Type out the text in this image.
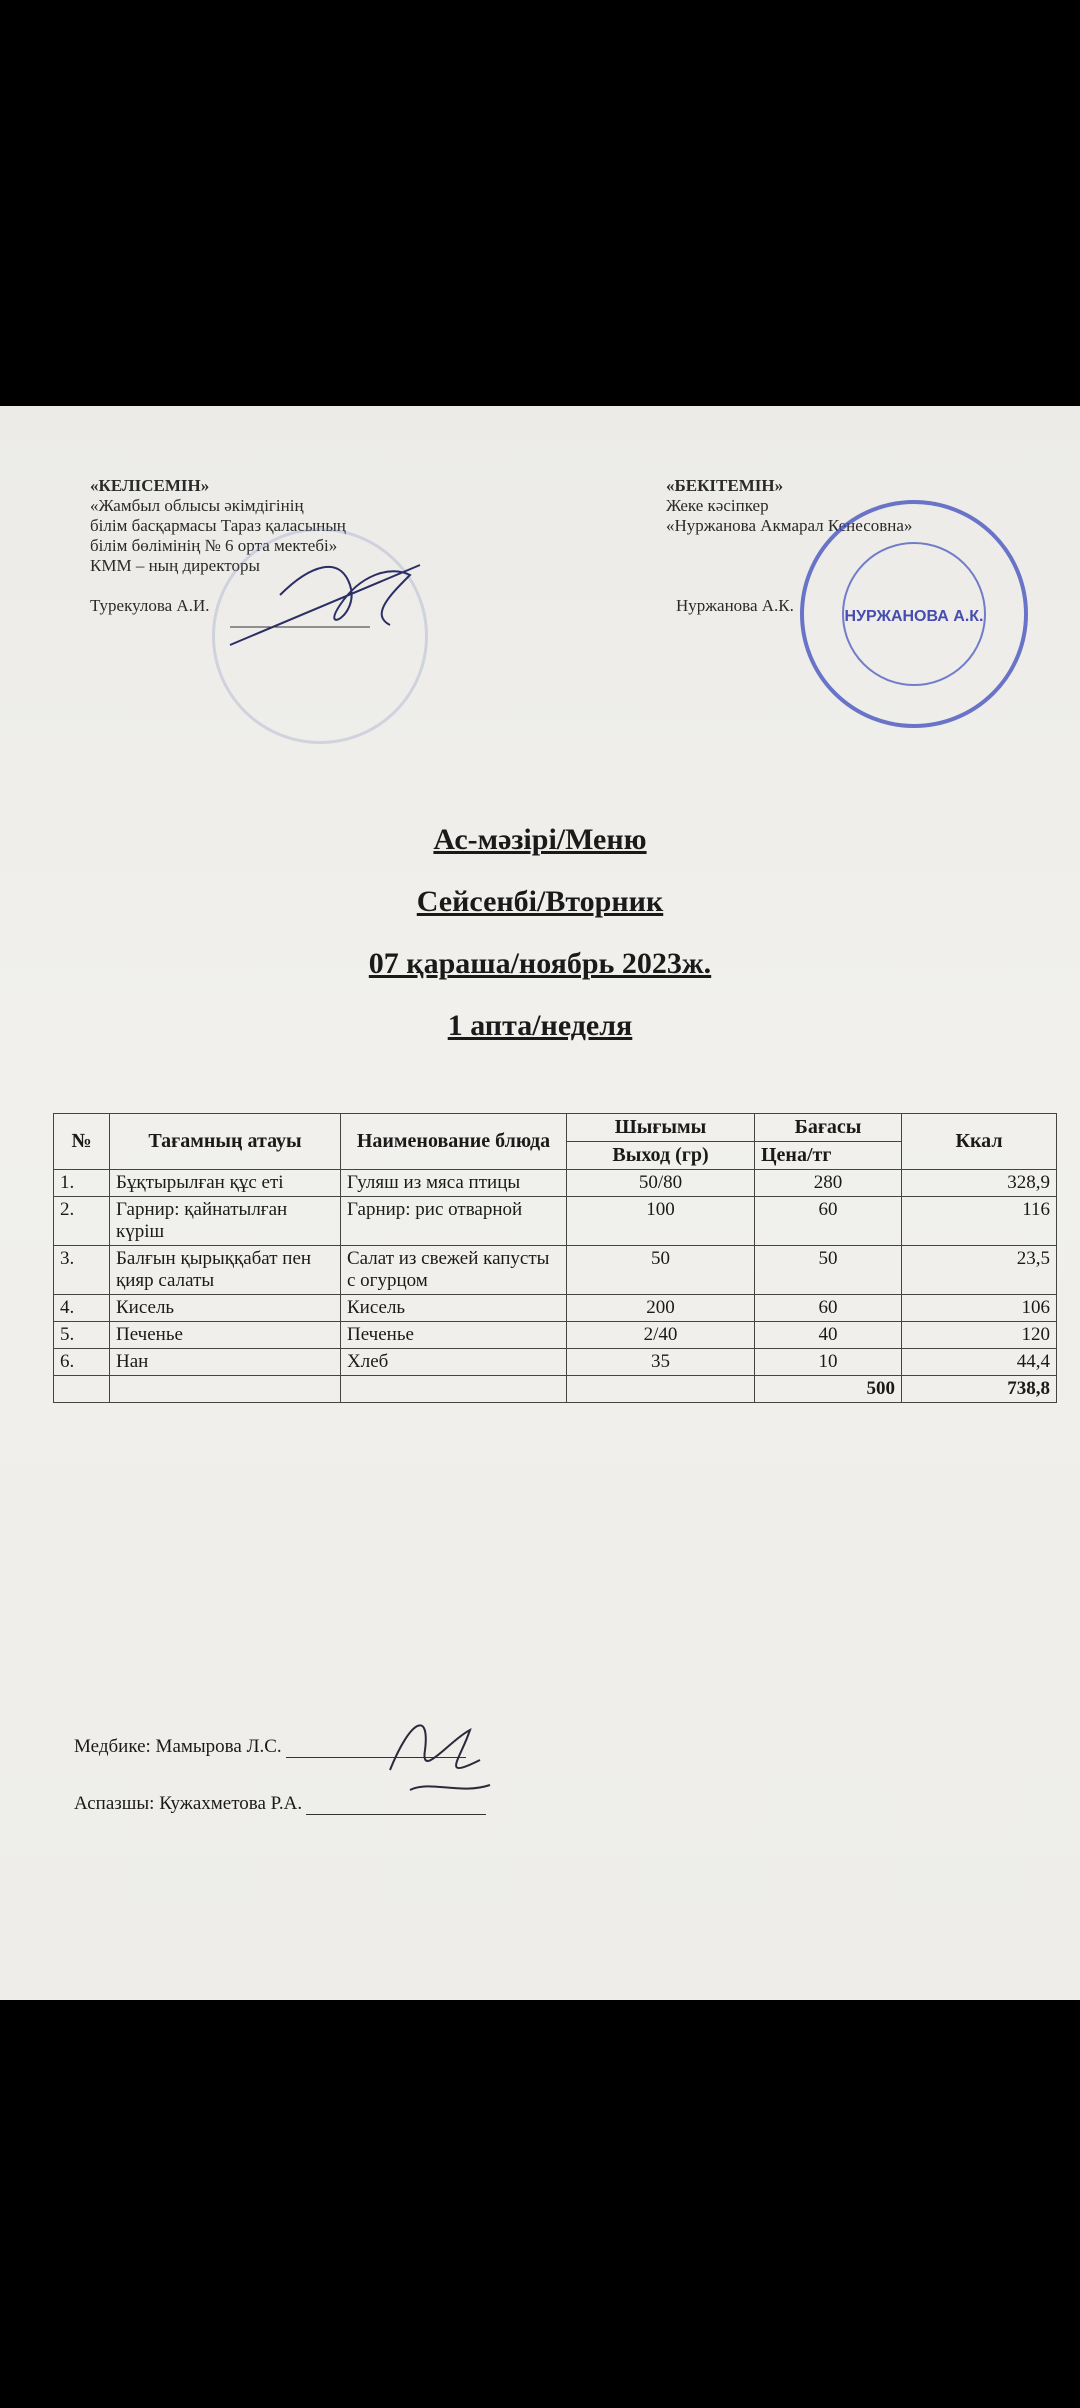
«КЕЛІСЕМІН»
«Жамбыл облысы әкімдігінің
білім басқармасы Тараз қаласының
білім бөлімінің № 6 орта мектебі»
КММ – ның директоры
Турекулова А.И.
«БЕКІТЕМІН»
Жеке кәсіпкер
«Нуржанова Акмарал Кенесовна»
Нуржанова А.К.
НУРЖАНОВА А.К.
Ас-мәзірі/Меню
Сейсенбі/Вторник
07 қараша/ноябрь 2023ж.
1 апта/неделя
№	Тағамның атауы	Наименование блюда	Шығымы	Бағасы	Ккал
			Выход (гр)	Цена/тг	
1.	Бұқтырылған құс еті	Гуляш из мяса птицы	50/80	280	328,9
2.	Гарнир: қайнатылған күріш	Гарнир: рис отварной	100	60	116
3.	Балғын қырыққабат пен қияр салаты	Салат из свежей капусты с огурцом	50	50	23,5
4.	Кисель	Кисель	200	60	106
5.	Печенье	Печенье	2/40	40	120
6.	Нан	Хлеб	35	10	44,4
				500	738,8
Медбике: Мамырова Л.С.
Аспазшы: Кужахметова Р.А.
